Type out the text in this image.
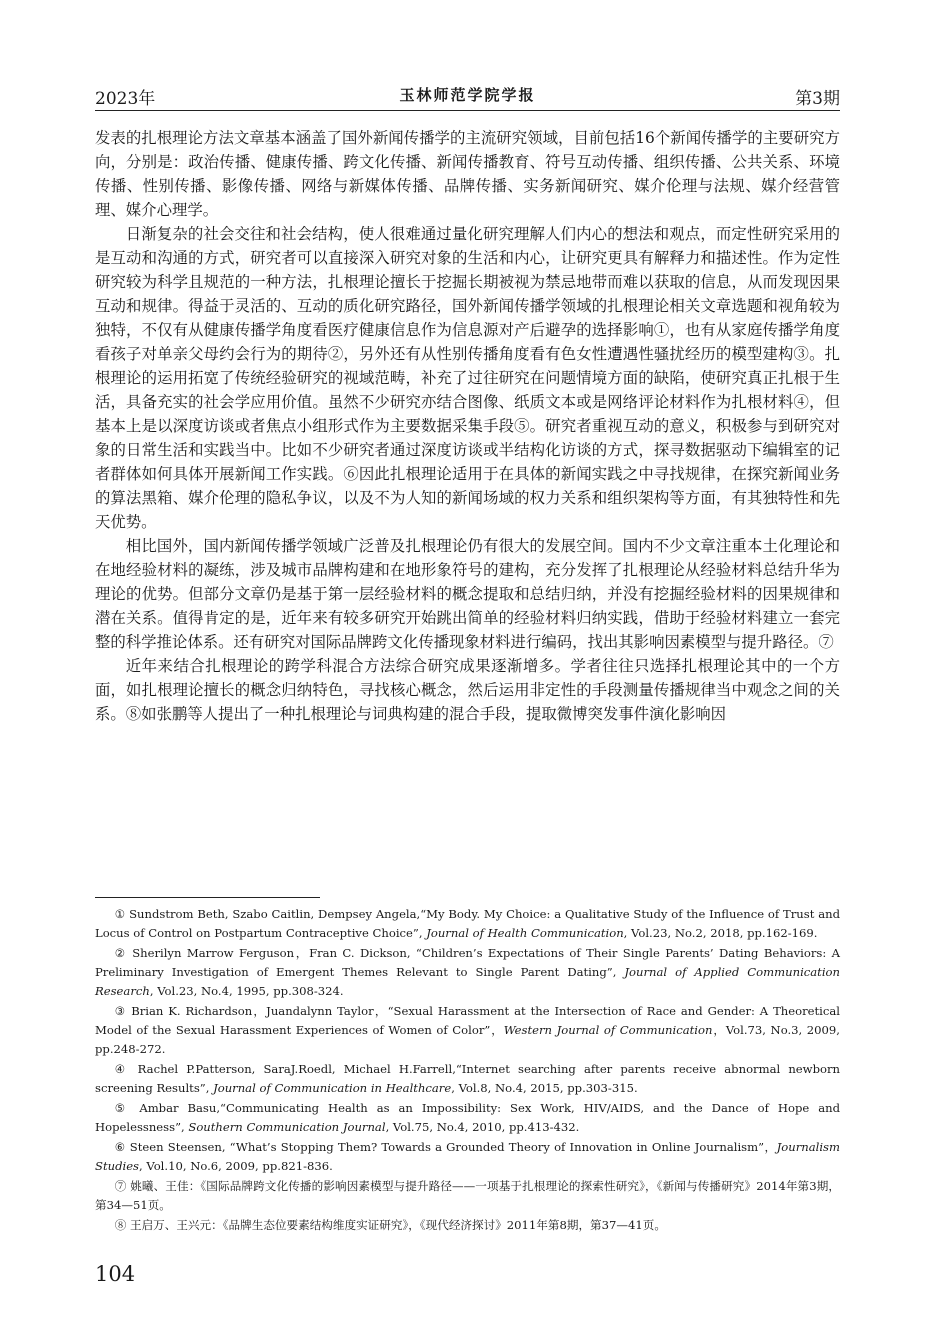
2023年	玉林师范学院学报	第3期

发表的扎根理论方法文章基本涵盖了国外新闻传播学的主流研究领域，目前包括16个新闻传播学的主要研究方向，分别是：政治传播、健康传播、跨文化传播、新闻传播教育、符号互动传播、组织传播、公共关系、环境传播、性别传播、影像传播、网络与新媒体传播、品牌传播、实务新闻研究、媒介伦理与法规、媒介经营管理、媒介心理学。

日渐复杂的社会交往和社会结构，使人很难通过量化研究理解人们内心的想法和观点，而定性研究采用的是互动和沟通的方式，研究者可以直接深入研究对象的生活和内心，让研究更具有解释力和描述性。作为定性研究较为科学且规范的一种方法，扎根理论擅长于挖掘长期被视为禁忌地带而难以获取的信息，从而发现因果互动和规律。得益于灵活的、互动的质化研究路径，国外新闻传播学领域的扎根理论相关文章选题和视角较为独特，不仅有从健康传播学角度看医疗健康信息作为信息源对产后避孕的选择影响①，也有从家庭传播学角度看孩子对单亲父母约会行为的期待②，另外还有从性别传播角度看有色女性遭遇性骚扰经历的模型建构③。扎根理论的运用拓宽了传统经验研究的视域范畴，补充了过往研究在问题情境方面的缺陷，使研究真正扎根于生活，具备充实的社会学应用价值。虽然不少研究亦结合图像、纸质文本或是网络评论材料作为扎根材料④，但基本上是以深度访谈或者焦点小组形式作为主要数据采集手段⑤。研究者重视互动的意义，积极参与到研究对象的日常生活和实践当中。比如不少研究者通过深度访谈或半结构化访谈的方式，探寻数据驱动下编辑室的记者群体如何具体开展新闻工作实践。⑥因此扎根理论适用于在具体的新闻实践之中寻找规律，在探究新闻业务的算法黑箱、媒介伦理的隐私争议，以及不为人知的新闻场域的权力关系和组织架构等方面，有其独特性和先天优势。

相比国外，国内新闻传播学领域广泛普及扎根理论仍有很大的发展空间。国内不少文章注重本土化理论和在地经验材料的凝练，涉及城市品牌构建和在地形象符号的建构，充分发挥了扎根理论从经验材料总结升华为理论的优势。但部分文章仍是基于第一层经验材料的概念提取和总结归纳，并没有挖掘经验材料的因果规律和潜在关系。值得肯定的是，近年来有较多研究开始跳出简单的经验材料归纳实践，借助于经验材料建立一套完整的科学推论体系。还有研究对国际品牌跨文化传播现象材料进行编码，找出其影响因素模型与提升路径。⑦

近年来结合扎根理论的跨学科混合方法综合研究成果逐渐增多。学者往往只选择扎根理论其中的一个方面，如扎根理论擅长的概念归纳特色，寻找核心概念，然后运用非定性的手段测量传播规律当中观念之间的关系。⑧如张鹏等人提出了一种扎根理论与词典构建的混合手段，提取微博突发事件演化影响因

① Sundstrom Beth, Szabo Caitlin, Dempsey Angela,“My Body. My Choice: a Qualitative Study of the Influence of Trust and Locus of Control on Postpartum Contraceptive Choice”, Journal of Health Communication, Vol.23, No.2, 2018, pp.162-169.

② Sherilyn Marrow Ferguson，Fran C. Dickson, “Children’s Expectations of Their Single Parents’ Dating Behaviors: A Preliminary Investigation of Emergent Themes Relevant to Single Parent Dating”, Journal of Applied Communication Research, Vol.23, No.4, 1995, pp.308-324.

③ Brian K. Richardson，Juandalynn Taylor，“Sexual Harassment at the Intersection of Race and Gender: A Theoretical Model of the Sexual Harassment Experiences of Women of Color”，Western Journal of Communication，Vol.73, No.3, 2009, pp.248-272.

④ Rachel P.Patterson, SaraJ.Roedl, Michael H.Farrell,“Internet searching after parents receive abnormal newborn screening Results”, Journal of Communication in Healthcare, Vol.8, No.4, 2015, pp.303-315.

⑤ Ambar Basu,“Communicating Health as an Impossibility: Sex Work, HIV/AIDS, and the Dance of Hope and Hopelessness”, Southern Communication Journal, Vol.75, No.4, 2010, pp.413-432.

⑥ Steen Steensen, “What’s Stopping Them? Towards a Grounded Theory of Innovation in Online Journalism”，Journalism Studies, Vol.10, No.6, 2009, pp.821-836.

⑦ 姚曦、王佳：《国际品牌跨文化传播的影响因素模型与提升路径——一项基于扎根理论的探索性研究》，《新闻与传播研究》2014年第3期，第34—51页。

⑧ 王启万、王兴元：《品牌生态位要素结构维度实证研究》，《现代经济探讨》2011年第8期，第37—41页。

104
